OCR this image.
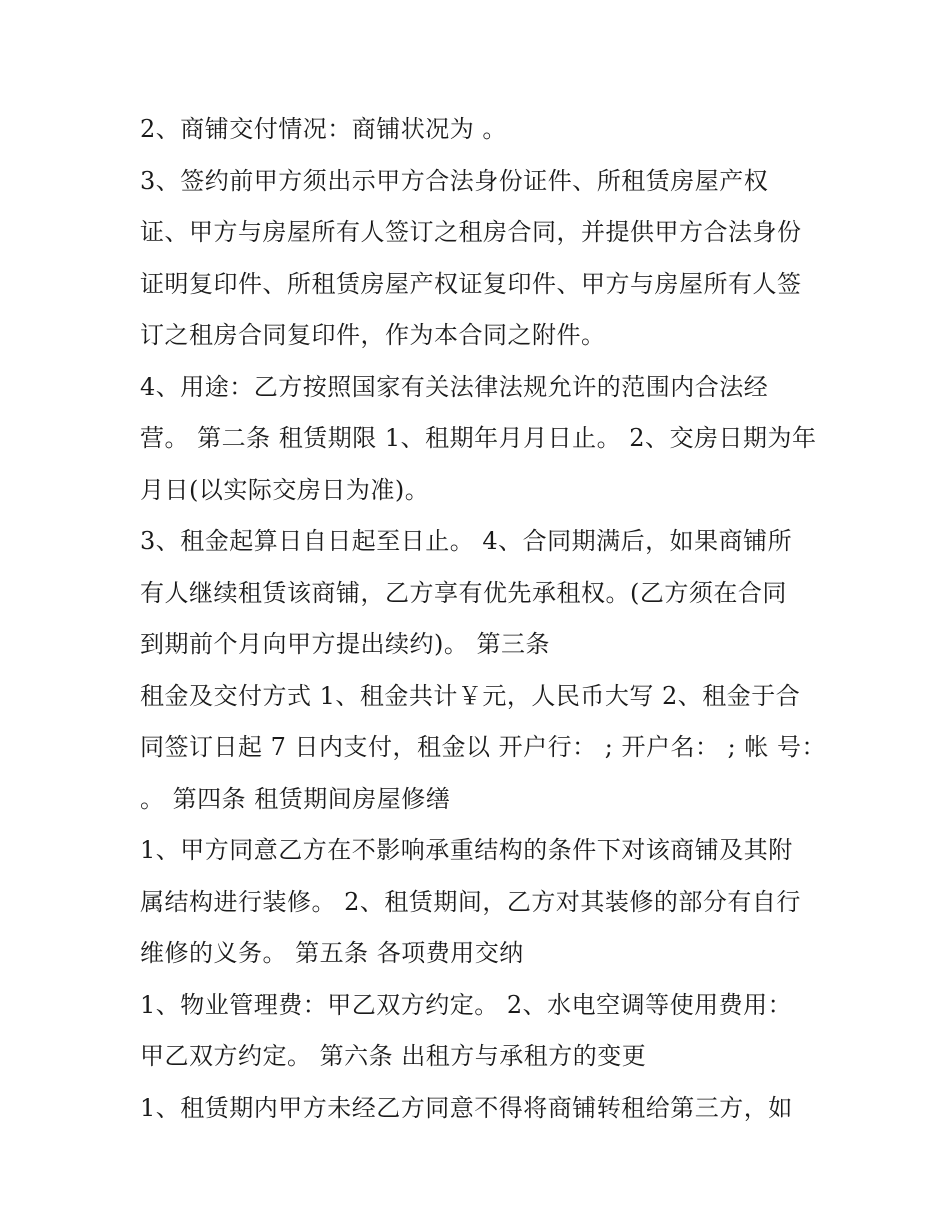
2、商铺交付情况：商铺状况为 。
3、签约前甲方须出示甲方合法身份证件、所租赁房屋产权
证、甲方与房屋所有人签订之租房合同，并提供甲方合法身份
证明复印件、所租赁房屋产权证复印件、甲方与房屋所有人签
订之租房合同复印件，作为本合同之附件。
4、用途：乙方按照国家有关法律法规允许的范围内合法经
营。 第二条 租赁期限 1、租期年月月日止。 2、交房日期为年
月日(以实际交房日为准)。
3、租金起算日自日起至日止。 4、合同期满后，如果商铺所
有人继续租赁该商铺，乙方享有优先承租权。(乙方须在合同
到期前个月向甲方提出续约)。 第三条
租金及交付方式 1、租金共计￥元，人民币大写 2、租金于合
同签订日起 7 日内支付，租金以 开户行： ; 开户名： ; 帐 号：
。 第四条 租赁期间房屋修缮
1、甲方同意乙方在不影响承重结构的条件下对该商铺及其附
属结构进行装修。 2、租赁期间，乙方对其装修的部分有自行
维修的义务。 第五条 各项费用交纳
1、物业管理费：甲乙双方约定。 2、水电空调等使用费用：
甲乙双方约定。 第六条 出租方与承租方的变更
1、租赁期内甲方未经乙方同意不得将商铺转租给第三方，如
